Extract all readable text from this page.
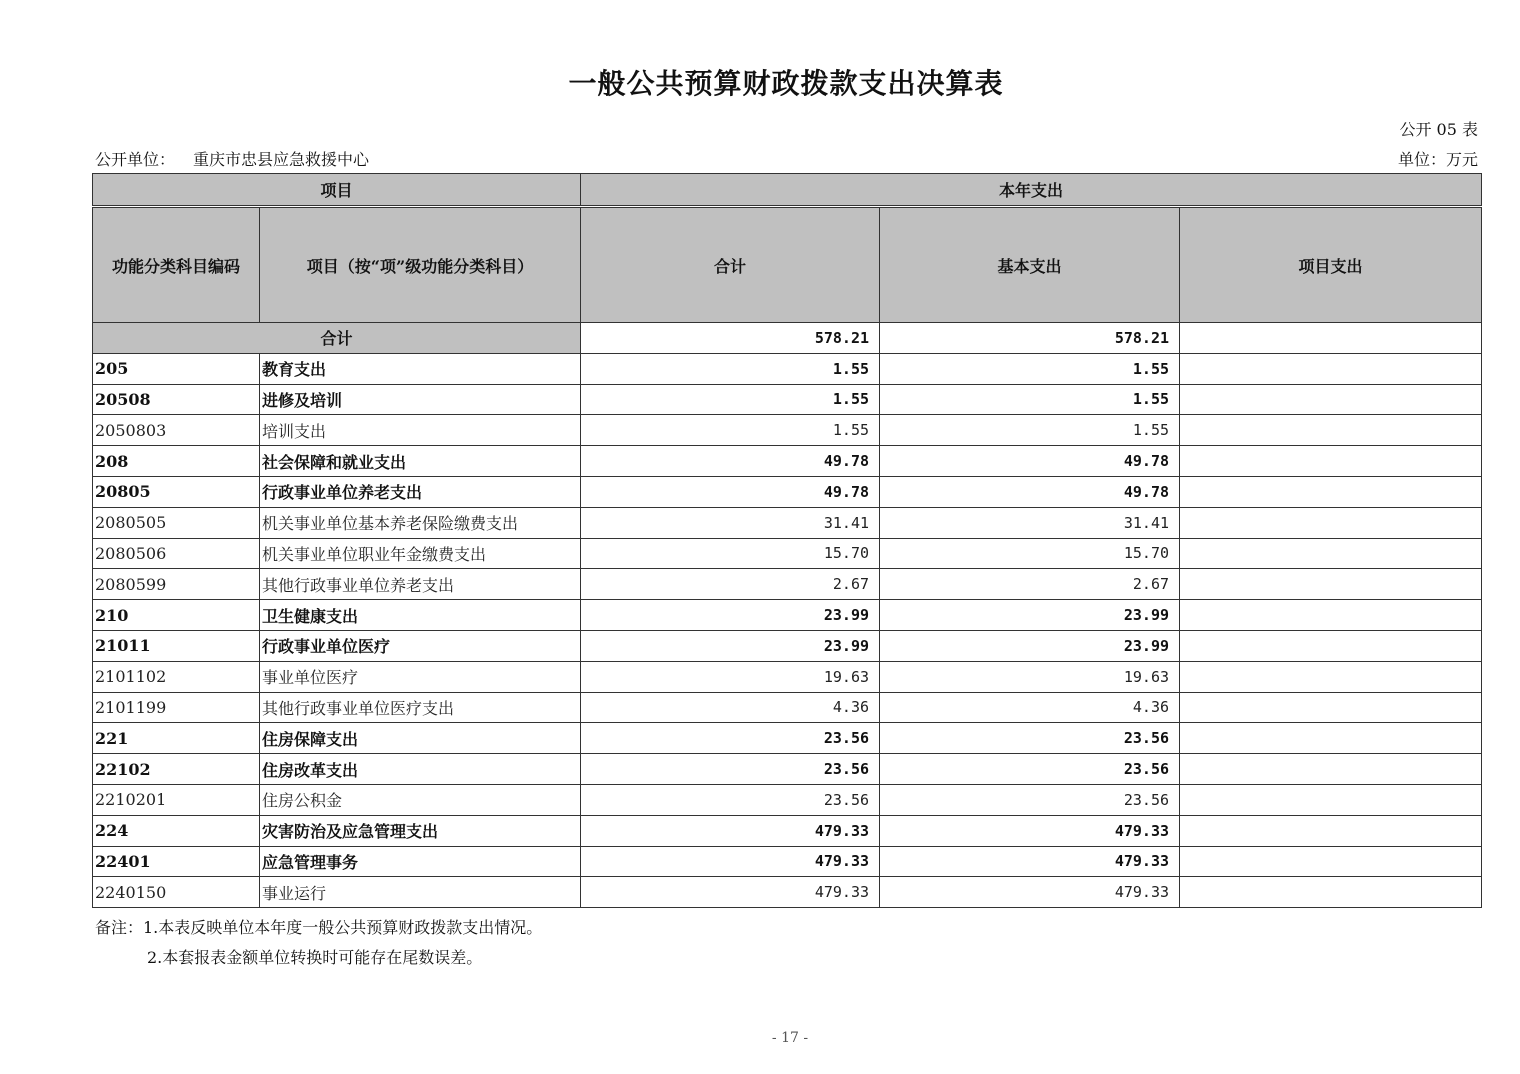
一般公共预算财政拨款支出决算表
公开 05 表
公开单位： 重庆市忠县应急救援中心	单位：万元
项目		本年支出		
功能分类科目编码	项目（按“项”级功能分类科目）	合计	基本支出	项目支出
合计		578.21	578.21	
205	教育支出	1.55	1.55	
20508	进修及培训	1.55	1.55	
2050803	培训支出	1.55	1.55	
208	社会保障和就业支出	49.78	49.78	
20805	行政事业单位养老支出	49.78	49.78	
2080505	机关事业单位基本养老保险缴费支出	31.41	31.41	
2080506	机关事业单位职业年金缴费支出	15.70	15.70	
2080599	其他行政事业单位养老支出	2.67	2.67	
210	卫生健康支出	23.99	23.99	
21011	行政事业单位医疗	23.99	23.99	
2101102	事业单位医疗	19.63	19.63	
2101199	其他行政事业单位医疗支出	4.36	4.36	
221	住房保障支出	23.56	23.56	
22102	住房改革支出	23.56	23.56	
2210201	住房公积金	23.56	23.56	
224	灾害防治及应急管理支出	479.33	479.33	
22401	应急管理事务	479.33	479.33	
2240150	事业运行	479.33	479.33	
备注：1.本表反映单位本年度一般公共预算财政拨款支出情况。
2.本套报表金额单位转换时可能存在尾数误差。
- 17 -
